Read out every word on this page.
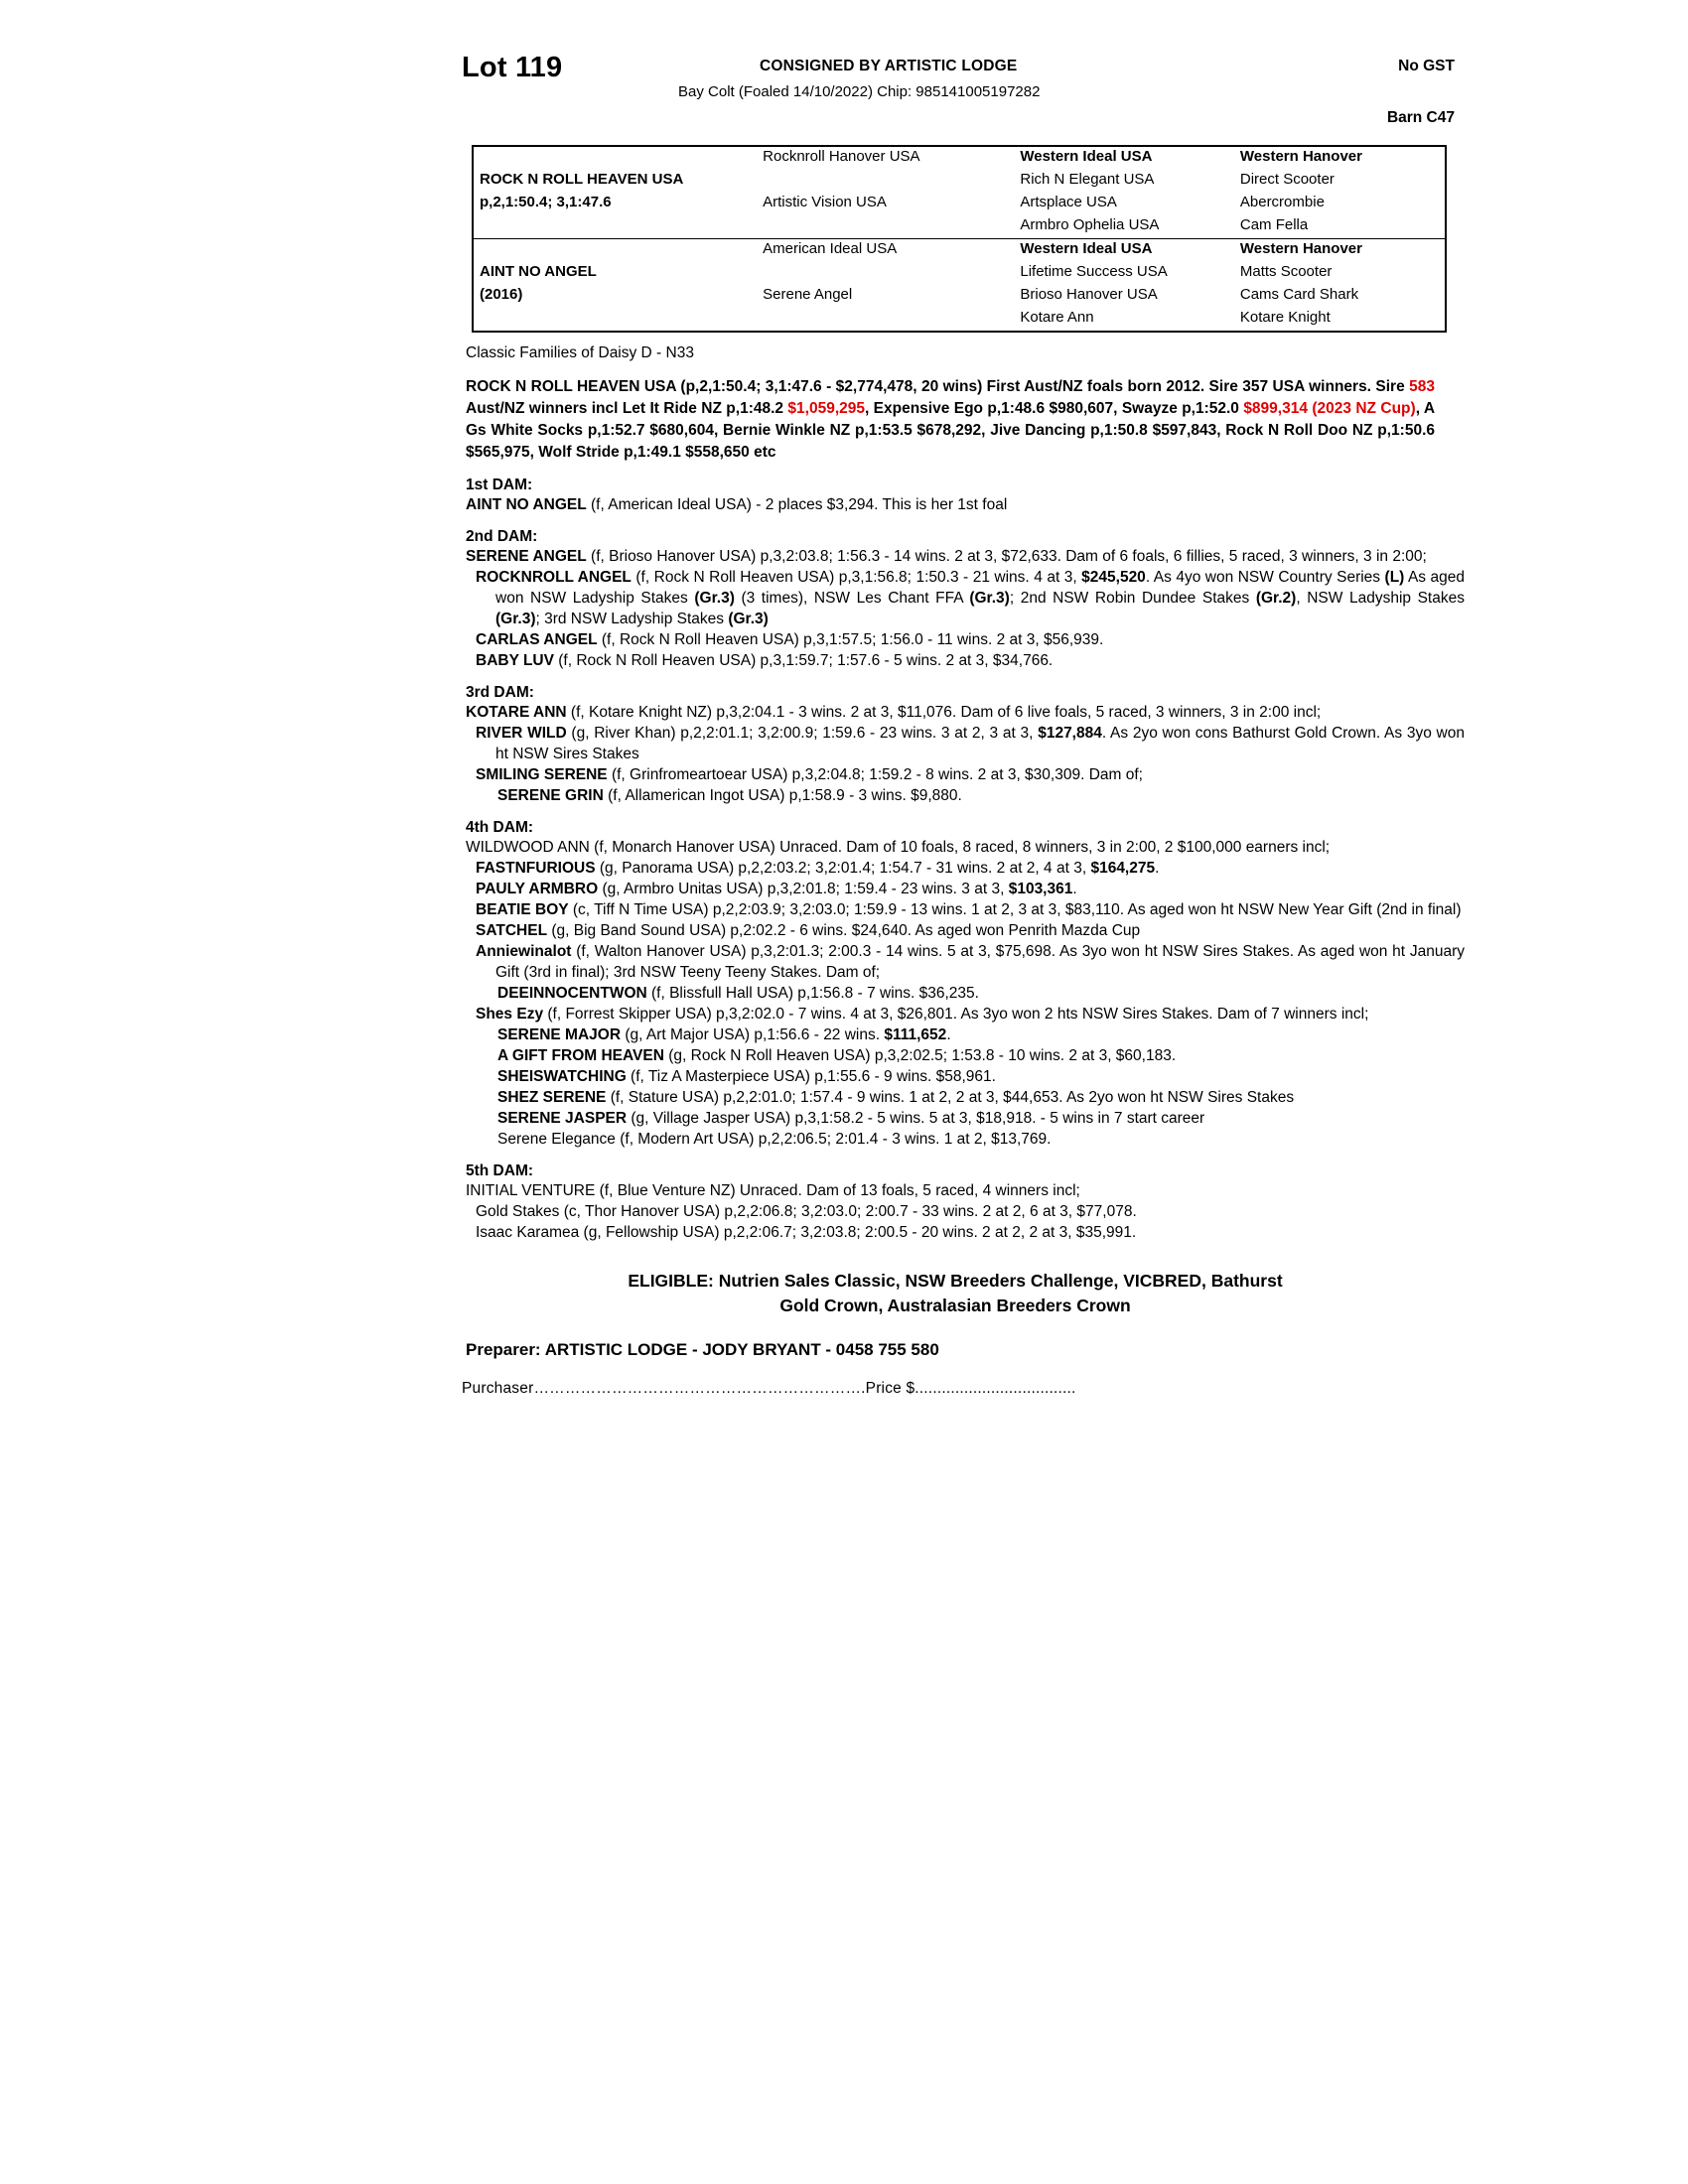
Lot 119	CONSIGNED BY ARTISTIC LODGE
Bay Colt (Foaled 14/10/2022) Chip: 985141005197282
No GST
Barn C47
	Rocknroll Hanover USA	Western Ideal USA	Western Hanover
ROCK N ROLL HEAVEN USA		Rich N Elegant USA	Direct Scooter
p,2,1:50.4; 3,1:47.6	Artistic Vision USA	Artsplace USA	Abercrombie
		Armbro Ophelia USA	Cam Fella
	American Ideal USA	Western Ideal USA	Western Hanover
AINT NO ANGEL		Lifetime Success USA	Matts Scooter
(2016)	Serene Angel	Brioso Hanover USA	Cams Card Shark
		Kotare Ann	Kotare Knight
Classic Families of Daisy D - N33
ROCK N ROLL HEAVEN USA (p,2,1:50.4; 3,1:47.6 - $2,774,478, 20 wins) First Aust/NZ foals born 2012. Sire 357 USA winners. Sire 583 Aust/NZ winners incl Let It Ride NZ p,1:48.2 $1,059,295, Expensive Ego p,1:48.6 $980,607, Swayze p,1:52.0 $899,314 (2023 NZ Cup), A Gs White Socks p,1:52.7 $680,604, Bernie Winkle NZ p,1:53.5 $678,292, Jive Dancing p,1:50.8 $597,843, Rock N Roll Doo NZ p,1:50.6 $565,975, Wolf Stride p,1:49.1 $558,650 etc
1st DAM:
AINT NO ANGEL (f, American Ideal USA) - 2 places $3,294. This is her 1st foal
2nd DAM:
SERENE ANGEL (f, Brioso Hanover USA) p,3,2:03.8; 1:56.3 - 14 wins. 2 at 3, $72,633. Dam of 6 foals, 6 fillies, 5 raced, 3 winners, 3 in 2:00;
ROCKNROLL ANGEL (f, Rock N Roll Heaven USA) p,3,1:56.8; 1:50.3 - 21 wins. 4 at 3, $245,520. As 4yo won NSW Country Series (L) As aged won NSW Ladyship Stakes (Gr.3) (3 times), NSW Les Chant FFA (Gr.3); 2nd NSW Robin Dundee Stakes (Gr.2), NSW Ladyship Stakes (Gr.3); 3rd NSW Ladyship Stakes (Gr.3)
CARLAS ANGEL (f, Rock N Roll Heaven USA) p,3,1:57.5; 1:56.0 - 11 wins. 2 at 3, $56,939.
BABY LUV (f, Rock N Roll Heaven USA) p,3,1:59.7; 1:57.6 - 5 wins. 2 at 3, $34,766.
3rd DAM:
KOTARE ANN (f, Kotare Knight NZ) p,3,2:04.1 - 3 wins. 2 at 3, $11,076. Dam of 6 live foals, 5 raced, 3 winners, 3 in 2:00 incl;
RIVER WILD (g, River Khan) p,2,2:01.1; 3,2:00.9; 1:59.6 - 23 wins. 3 at 2, 3 at 3, $127,884. As 2yo won cons Bathurst Gold Crown. As 3yo won ht NSW Sires Stakes
SMILING SERENE (f, Grinfromeartoear USA) p,3,2:04.8; 1:59.2 - 8 wins. 2 at 3, $30,309. Dam of;
SERENE GRIN (f, Allamerican Ingot USA) p,1:58.9 - 3 wins. $9,880.
4th DAM:
WILDWOOD ANN (f, Monarch Hanover USA) Unraced. Dam of 10 foals, 8 raced, 8 winners, 3 in 2:00, 2 $100,000 earners incl;
FASTNFURIOUS (g, Panorama USA) p,2,2:03.2; 3,2:01.4; 1:54.7 - 31 wins. 2 at 2, 4 at 3, $164,275.
PAULY ARMBRO (g, Armbro Unitas USA) p,3,2:01.8; 1:59.4 - 23 wins. 3 at 3, $103,361.
BEATIE BOY (c, Tiff N Time USA) p,2,2:03.9; 3,2:03.0; 1:59.9 - 13 wins. 1 at 2, 3 at 3, $83,110. As aged won ht NSW New Year Gift (2nd in final)
SATCHEL (g, Big Band Sound USA) p,2:02.2 - 6 wins. $24,640. As aged won Penrith Mazda Cup
Anniewinalot (f, Walton Hanover USA) p,3,2:01.3; 2:00.3 - 14 wins. 5 at 3, $75,698. As 3yo won ht NSW Sires Stakes. As aged won ht January Gift (3rd in final); 3rd NSW Teeny Teeny Stakes. Dam of;
DEEINNOCENTWON (f, Blissfull Hall USA) p,1:56.8 - 7 wins. $36,235.
Shes Ezy (f, Forrest Skipper USA) p,3,2:02.0 - 7 wins. 4 at 3, $26,801. As 3yo won 2 hts NSW Sires Stakes. Dam of 7 winners incl;
SERENE MAJOR (g, Art Major USA) p,1:56.6 - 22 wins. $111,652.
A GIFT FROM HEAVEN (g, Rock N Roll Heaven USA) p,3,2:02.5; 1:53.8 - 10 wins. 2 at 3, $60,183.
SHEISWATCHING (f, Tiz A Masterpiece USA) p,1:55.6 - 9 wins. $58,961.
SHEZ SERENE (f, Stature USA) p,2,2:01.0; 1:57.4 - 9 wins. 1 at 2, 2 at 3, $44,653. As 2yo won ht NSW Sires Stakes
SERENE JASPER (g, Village Jasper USA) p,3,1:58.2 - 5 wins. 5 at 3, $18,918. - 5 wins in 7 start career
Serene Elegance (f, Modern Art USA) p,2,2:06.5; 2:01.4 - 3 wins. 1 at 2, $13,769.
5th DAM:
INITIAL VENTURE (f, Blue Venture NZ) Unraced. Dam of 13 foals, 5 raced, 4 winners incl;
Gold Stakes (c, Thor Hanover USA) p,2,2:06.8; 3,2:03.0; 2:00.7 - 33 wins. 2 at 2, 6 at 3, $77,078.
Isaac Karamea (g, Fellowship USA) p,2,2:06.7; 3,2:03.8; 2:00.5 - 20 wins. 2 at 2, 2 at 3, $35,991.
ELIGIBLE: Nutrien Sales Classic, NSW Breeders Challenge, VICBRED, Bathurst
Gold Crown, Australasian Breeders Crown
Preparer: ARTISTIC LODGE - JODY BRYANT - 0458 755 580
Purchaser……………………………………………………….Price $....................................
